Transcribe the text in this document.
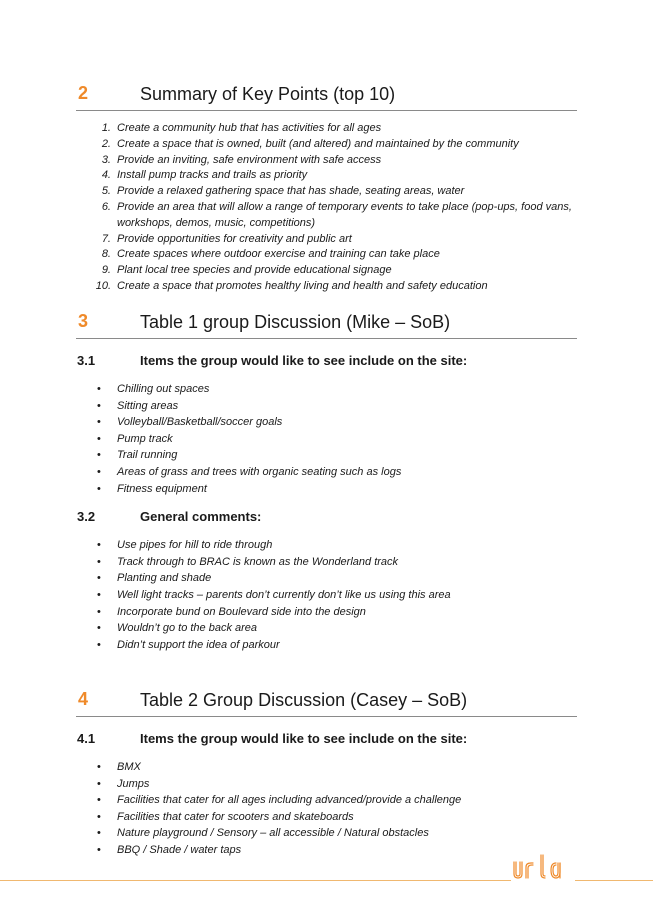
2	Summary of Key Points (top 10)
1. Create a community hub that has activities for all ages
2. Create a space that is owned, built (and altered) and maintained by the community
3. Provide an inviting, safe environment with safe access
4. Install pump tracks and trails as priority
5. Provide a relaxed gathering space that has shade, seating areas, water
6. Provide an area that will allow a range of temporary events to take place (pop-ups, food vans, workshops, demos, music, competitions)
7. Provide opportunities for creativity and public art
8. Create spaces where outdoor exercise and training can take place
9. Plant local tree species and provide educational signage
10. Create a space that promotes healthy living and health and safety education
3	Table 1 group Discussion (Mike – SoB)
3.1	Items the group would like to see include on the site:
• Chilling out spaces
• Sitting areas
• Volleyball/Basketball/soccer goals
• Pump track
• Trail running
• Areas of grass and trees with organic seating such as logs
• Fitness equipment
3.2	General comments:
• Use pipes for hill to ride through
• Track through to BRAC is known as the Wonderland track
• Planting and shade
• Well light tracks – parents don’t currently don’t like us using this area
• Incorporate bund on Boulevard side into the design
• Wouldn’t go to the back area
• Didn’t support the idea of parkour
4	Table 2 Group Discussion (Casey – SoB)
4.1	Items the group would like to see include on the site:
• BMX
• Jumps
• Facilities that cater for all ages including advanced/provide a challenge
• Facilities that cater for scooters and skateboards
• Nature playground / Sensory – all accessible / Natural obstacles
• BBQ / Shade / water taps
